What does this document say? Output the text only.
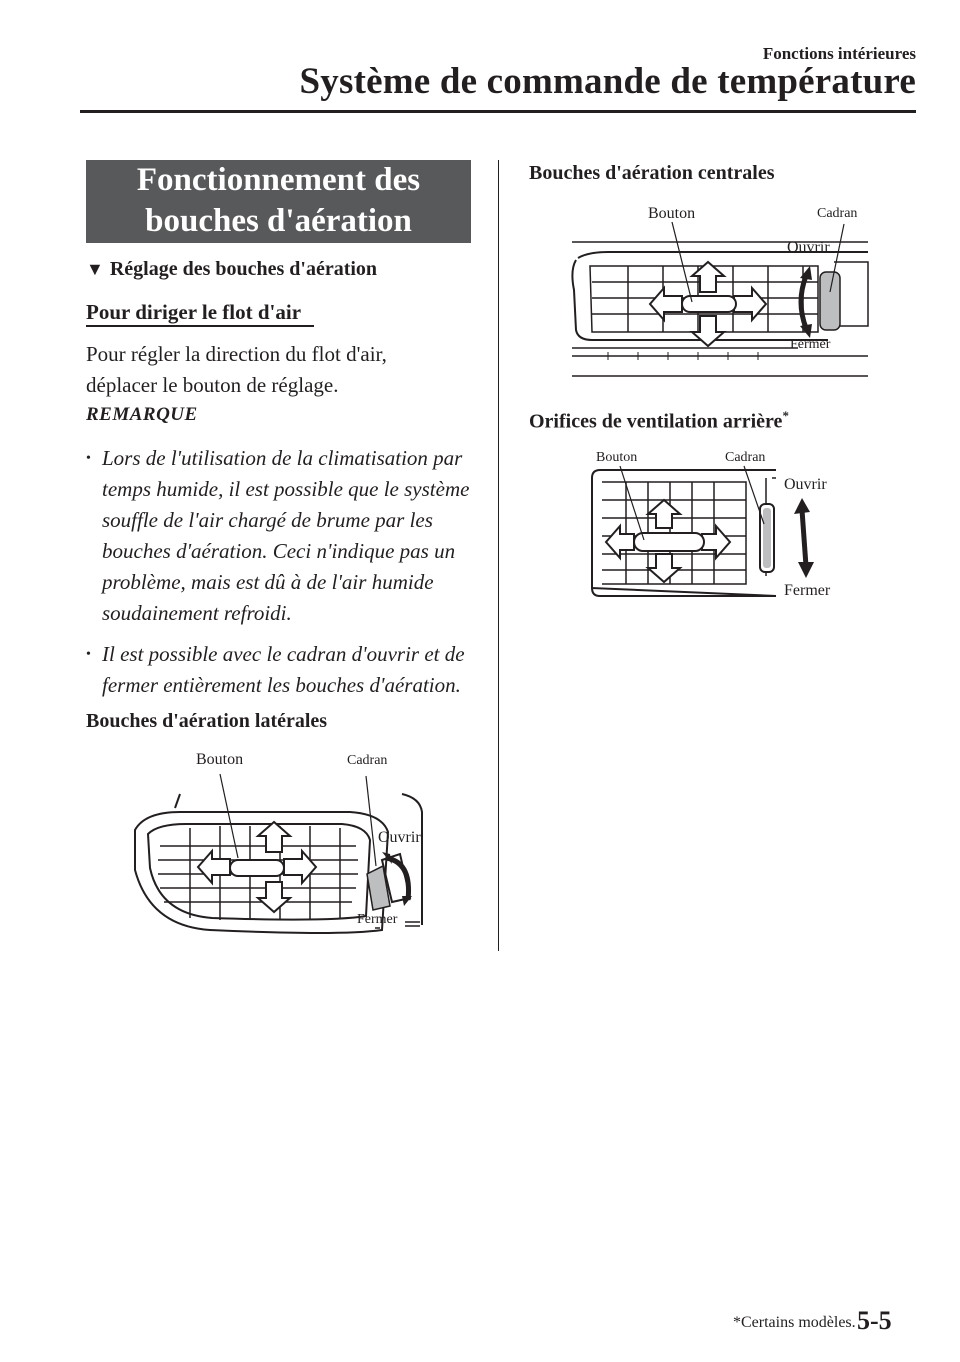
Fonctions intérieures
Système de commande de température
Fonctionnement des
bouches d'aération
▼ Réglage des bouches d'aération
Pour diriger le flot d'air
Pour régler la direction du flot d'air,
déplacer le bouton de réglage.
REMARQUE
• Lors de l'utilisation de la climatisation par temps humide, il est possible que le système souffle de l'air chargé de brume par les bouches d'aération. Ceci n'indique pas un problème, mais est dû à de l'air humide soudainement refroidi.
• Il est possible avec le cadran d'ouvrir et de fermer entièrement les bouches d'aération.
Bouches d'aération latérales
Bouton	Cadran
Ouvrir
Fermer
Bouches d'aération centrales
Bouton	Cadran
Ouvrir
Fermer
Orifices de ventilation arrière*
Bouton	Cadran
Ouvrir
Fermer
*Certains modèles. 5-5
